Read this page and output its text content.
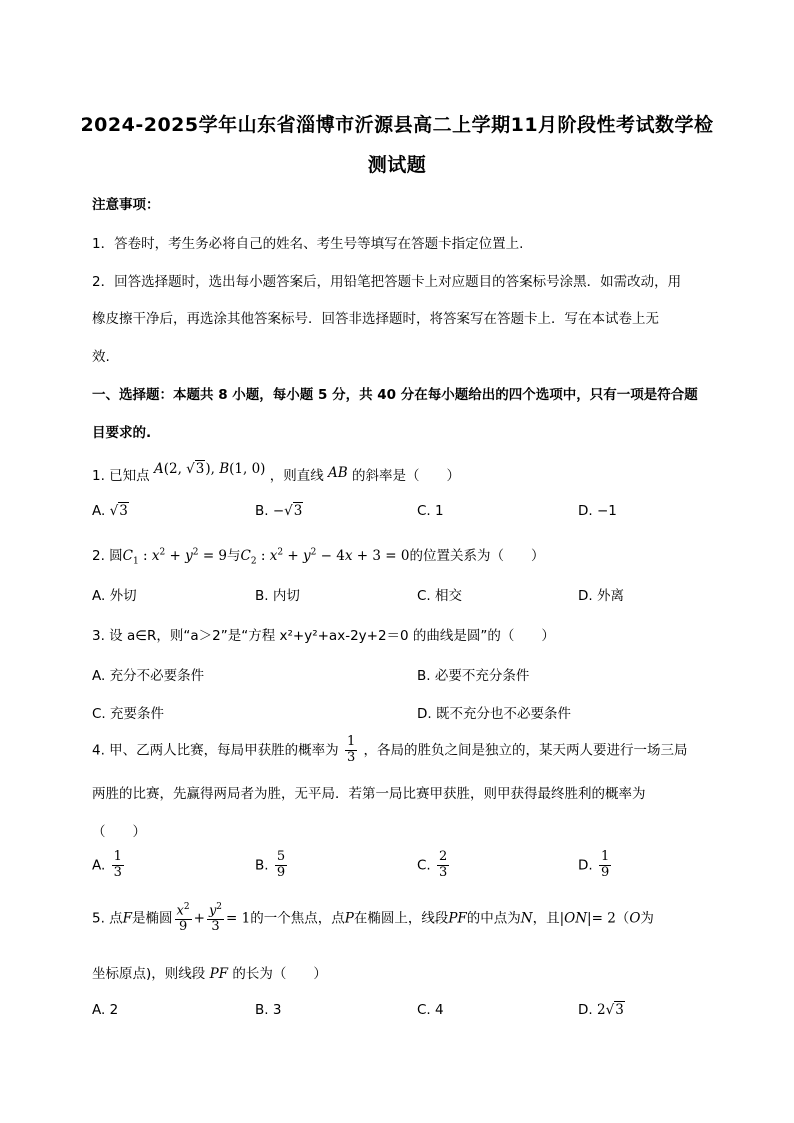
2024-2025学年山东省淄博市沂源县高二上学期11月阶段性考试数学检
测试题
注意事项：
1．答卷时，考生务必将自己的姓名、考生号等填写在答题卡指定位置上.
2．回答选择题时，选出每小题答案后，用铅笔把答题卡上对应题目的答案标号涂黑．如需改动，用
橡皮擦干净后，再选涂其他答案标号．回答非选择题时，将答案写在答题卡上．写在本试卷上无
效.
一、选择题：本题共 8 小题，每小题 5 分，共 40 分在每小题给出的四个选项中，只有一项是符合题
目要求的.
1. 已知点 A(2, √3), B(1, 0) ，则直线 AB 的斜率是（　　）
A. √3	B. −√3	C. 1	D. −1
2. 圆$C_1$ : $x^2 + y^2 = 9$与$C_2$ : $x^2 + y^2 - 4x + 3 = 0$的位置关系为（　　）
A. 外切	B. 内切	C. 相交	D. 外离
3. 设 a∈R，则“a＞2”是“方程 x²+y²+ax-2y+2＝0 的曲线是圆”的（　　）
A. 充分不必要条件	B. 必要不充分条件
C. 充要条件	D. 既不充分也不必要条件
4. 甲、乙两人比赛，每局甲获胜的概率为 $\frac{1}{3}$ ，各局的胜负之间是独立的，某天两人要进行一场三局
两胜的比赛，先赢得两局者为胜，无平局．若第一局比赛甲获胜，则甲获得最终胜利的概率为
（　　）
A. $\frac{1}{3}$	B. $\frac{5}{9}$	C. $\frac{2}{3}$	D. $\frac{1}{9}$
5. 点F是椭圆 $\frac{x^2}{9} + \frac{y^2}{3} = 1$的一个焦点，点P在椭圆上，线段PF的中点为N，且|ON|= 2（O为
坐标原点)，则线段 PF 的长为（　　）
A. 2	B. 3	C. 4	D. 2√3
